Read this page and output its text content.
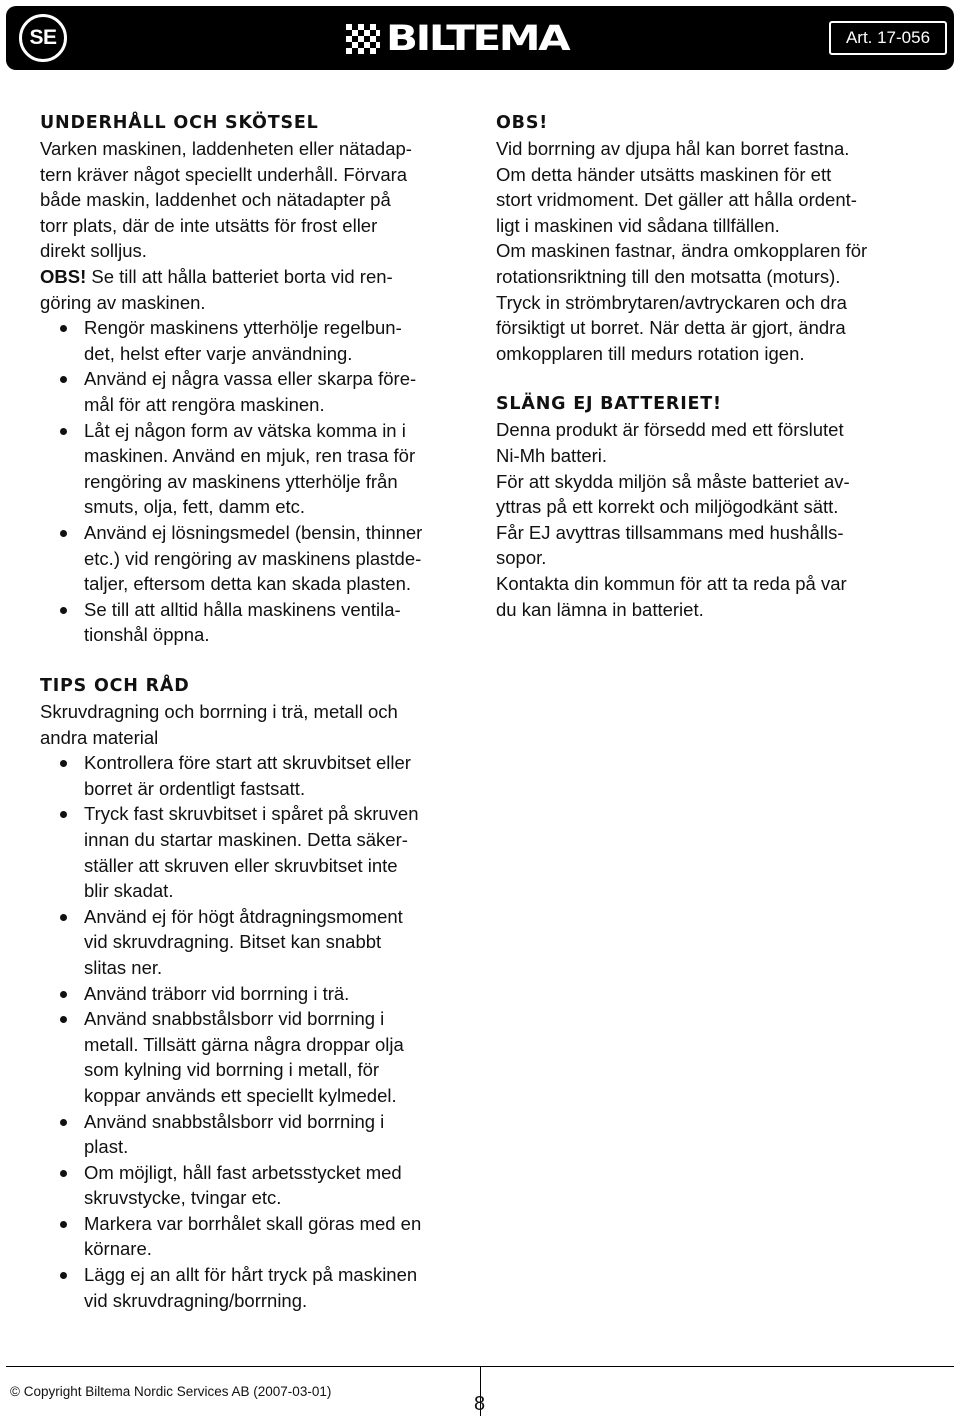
SE	BILTEMA	Art. 17-056
UNDERHÅLL OCH SKÖTSEL
Varken maskinen, laddenheten eller nätadap-
tern kräver något speciellt underhåll. Förvara
både maskin, laddenhet och nätadapter på
torr plats, där de inte utsätts för frost eller
direkt solljus.
OBS! Se till att hålla batteriet borta vid ren-
göring av maskinen.
Rengör maskinens ytterhölje regelbun-
det, helst efter varje användning.
Använd ej några vassa eller skarpa före-
mål för att rengöra maskinen.
Låt ej någon form av vätska komma in i
maskinen. Använd en mjuk, ren trasa för
rengöring av maskinens ytterhölje från
smuts, olja, fett, damm etc.
Använd ej lösningsmedel (bensin, thinner
etc.) vid rengöring av maskinens plastde-
taljer, eftersom detta kan skada plasten.
Se till att alltid hålla maskinens ventila-
tionshål öppna.
TIPS OCH RÅD
Skruvdragning och borrning i trä, metall och
andra material
Kontrollera före start att skruvbitset eller
borret är ordentligt fastsatt.
Tryck fast skruvbitset i spåret på skruven
innan du startar maskinen. Detta säker-
ställer att skruven eller skruvbitset inte
blir skadat.
Använd ej för högt åtdragningsmoment
vid skruvdragning. Bitset kan snabbt
slitas ner.
Använd träborr vid borrning i trä.
Använd snabbstålsborr vid borrning i
metall. Tillsätt gärna några droppar olja
som kylning vid borrning i metall, för
koppar används ett speciellt kylmedel.
Använd snabbstålsborr vid borrning i
plast.
Om möjligt, håll fast arbetsstycket med
skruvstycke, tvingar etc.
Markera var borrhålet skall göras med en
körnare.
Lägg ej an allt för hårt tryck på maskinen
vid skruvdragning/borrning.
OBS!
Vid borrning av djupa hål kan borret fastna.
Om detta händer utsätts maskinen för ett
stort vridmoment. Det gäller att hålla ordent-
ligt i maskinen vid sådana tillfällen.
Om maskinen fastnar, ändra omkopplaren för
rotationsriktning till den motsatta (moturs).
Tryck in strömbrytaren/avtryckaren och dra
försiktigt ut borret. När detta är gjort, ändra
omkopplaren till medurs rotation igen.
SLÄNG EJ BATTERIET!
Denna produkt är försedd med ett förslutet
Ni-Mh batteri.
För att skydda miljön så måste batteriet av-
yttras på ett korrekt och miljögodkänt sätt.
Får EJ avyttras tillsammans med hushålls-
sopor.
Kontakta din kommun för att ta reda på var
du kan lämna in batteriet.
© Copyright Biltema Nordic Services AB (2007-03-01)
8
